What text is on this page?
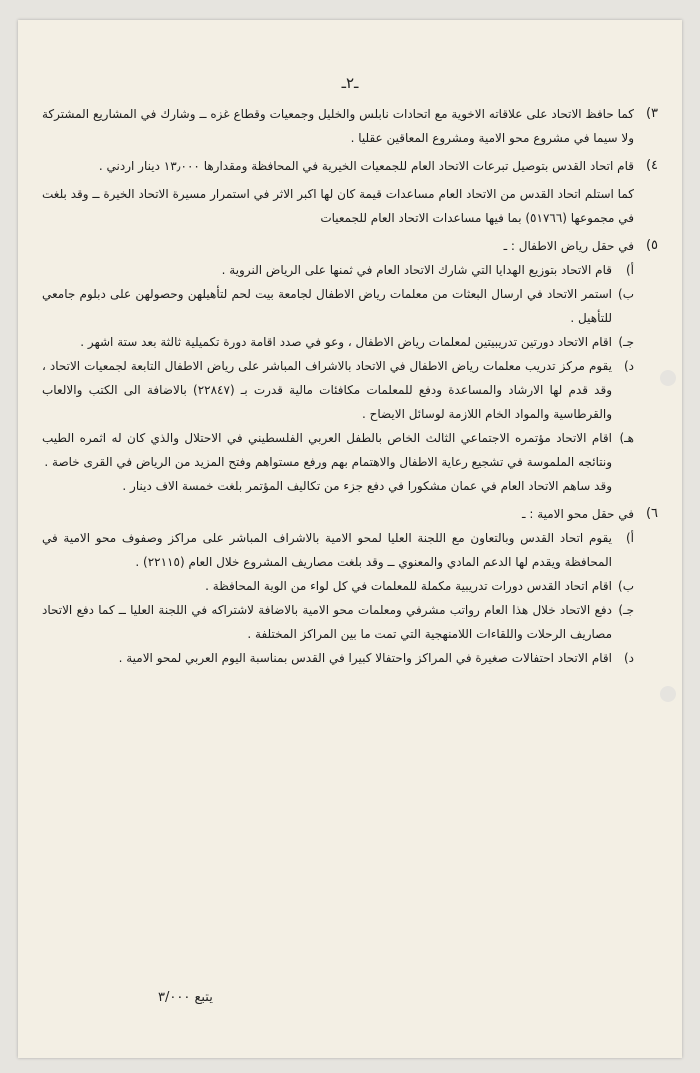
ـ٢ـ
٣)

كما حافظ الاتحاد على علاقاته الاخوية مع اتحادات نابلس والخليل وجمعيات وقطاع غزه ــ وشارك في المشاريع المشتركة ولا سيما في مشروع محو الامية ومشروع المعاقين عقليا .

٤)

قام اتحاد القدس بتوصيل تبرعات الاتحاد العام للجمعيات الخيرية في المحافظة ومقدارها ١٣٫٠٠٠ دينار اردني .

كما استلم اتحاد القدس من الاتحاد العام مساعدات قيمة كان لها اكبر الاثر في استمرار مسيرة الاتحاد الخيرة ــ وقد بلغت في مجموعها (٥١٧٦٦) بما فيها مساعدات الاتحاد العام للجمعيات

٥)

في حقل رياض الاطفال : ـ

أ)

قام الاتحاد بتوزيع الهدايا التي شارك الاتحاد العام في ثمنها على الرياض النروية .

ب)

استمر الاتحاد في ارسال البعثات من معلمات رياض الاطفال لجامعة بيت لحم لتأهيلهن وحصولهن على دبلوم جامعي للتأهيل .

جـ)

اقام الاتحاد دورتين تدريبيتين لمعلمات رياض الاطفال ، وعو في صدد اقامة دورة تكميلية ثالثة بعد ستة اشهر .

د)

يقوم مركز تدريب معلمات رياض الاطفال في الاتحاد بالاشراف المباشر على رياض الاطفال التابعة لجمعيات الاتحاد ، وقد قدم لها الارشاد والمساعدة ودفع للمعلمات مكافئات مالية قدرت بـ (٢٢٨٤٧) بالاضافة الى الكتب والالعاب والقرطاسية والمواد الخام اللازمة لوسائل الايضاح .

هـ)

اقام الاتحاد مؤتمره الاجتماعي الثالث الخاص بالطفل العربي الفلسطيني في الاحتلال والذي كان له اثمره الطيب ونتائجه الملموسة في تشجيع رعاية الاطفال والاهتمام بهم ورفع مستواهم وفتح المزيد من الرياض في القرى خاصة .

وقد ساهم الاتحاد العام في عمان مشكورا في دفع جزء من تكاليف المؤتمر بلغت خمسة الاف دينار .

٦)

في حقل محو الامية : ـ

أ)

يقوم اتحاد القدس وبالتعاون مع اللجنة العليا لمحو الامية بالاشراف المباشر على مراكز وصفوف محو الامية في المحافظة ويقدم لها الدعم المادي والمعنوي ــ وقد بلغت مصاريف المشروع خلال العام (٢٢١١٥) .

ب)

اقام اتحاد القدس دورات تدريبية مكملة للمعلمات في كل لواء من الوية المحافظة .

جـ)

دفع الاتحاد خلال هذا العام رواتب مشرفي ومعلمات محو الامية بالاضافة لاشتراكه في اللجنة العليا ــ كما دفع الاتحاد مصاريف الرحلات واللقاءات اللامنهجية التي تمت ما بين المراكز المختلفة .

د)

اقام الاتحاد احتفالات صغيرة في المراكز واحتفالا كبيرا في القدس بمناسبة اليوم العربي لمحو الامية .

يتبع ٣/٠٠٠
